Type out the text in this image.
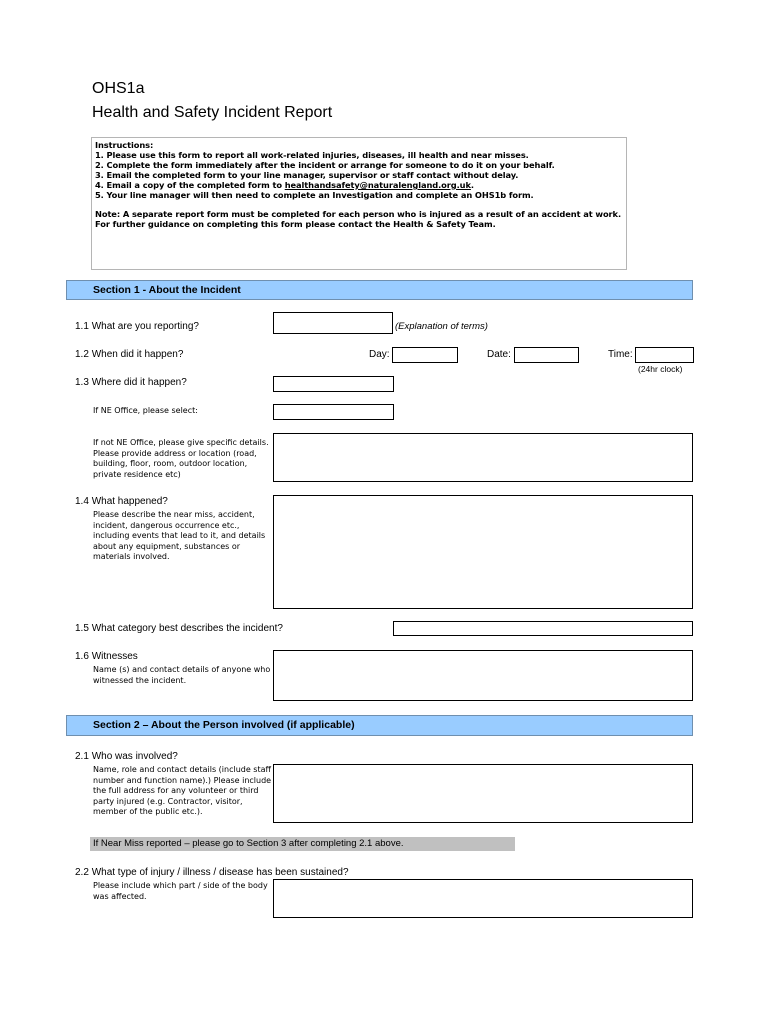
OHS1a
Health and Safety Incident Report
Instructions:
1. Please use this form to report all work-related injuries, diseases, ill health and near misses.
2. Complete the form immediately after the incident or arrange for someone to do it on your behalf.
3. Email the completed form to your line manager, supervisor or staff contact without delay.
4. Email a copy of the completed form to healthandsafety@naturalengland.org.uk.
5. Your line manager will then need to complete an Investigation and complete an OHS1b form.
Note: A separate report form must be completed for each person who is injured as a result of an accident at work.
For further guidance on completing this form please contact the Health & Safety Team.
Section 1 - About the Incident
1.1 What are you reporting?	(Explanation of terms)
1.2 When did it happen?	Day:	Date:	Time:
(24hr clock)
1.3 Where did it happen?
If NE Office, please select:
If not NE Office, please give specific details. Please provide address or location (road, building, floor, room, outdoor location, private residence etc)
1.4 What happened?
Please describe the near miss, accident, incident, dangerous occurrence etc., including events that lead to it, and details about any equipment, substances or materials involved.
1.5 What category best describes the incident?
1.6 Witnesses
Name (s) and contact details of anyone who witnessed the incident.
Section 2 – About the Person involved (if applicable)
2.1 Who was involved?
Name, role and contact details (include staff number and function name).) Please include the full address for any volunteer or third party injured (e.g. Contractor, visitor, member of the public etc.).
If Near Miss reported – please go to Section 3 after completing 2.1 above.
2.2 What type of injury / illness / disease has been sustained?
Please include which part / side of the body was affected.
